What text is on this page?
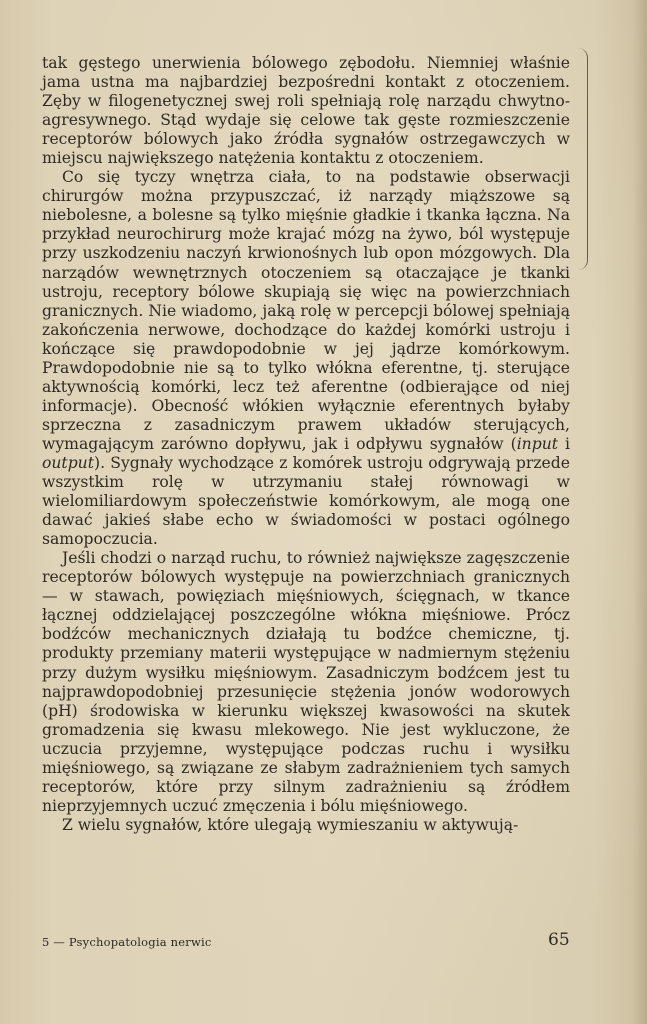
tak gęstego unerwienia bólowego zębodołu. Niemniej właśnie jama ustna ma najbardziej bezpośredni kontakt z otoczeniem. Zęby w filogenetycznej swej roli spełniają rolę narządu chwytno-agresywnego. Stąd wydaje się celowe tak gęste rozmieszczenie receptorów bólowych jako źródła sygnałów ostrzegawczych w miejscu największego natężenia kontaktu z otoczeniem.

Co się tyczy wnętrza ciała, to na podstawie obserwacji chirurgów można przypuszczać, iż narządy miąższowe są niebolesne, a bolesne są tylko mięśnie gładkie i tkanka łączna. Na przykład neurochirurg może krajać mózg na żywo, ból występuje przy uszkodzeniu naczyń krwionośnych lub opon mózgowych. Dla narządów wewnętrznych otoczeniem są otaczające je tkanki ustroju, receptory bólowe skupiają się więc na powierzchniach granicznych. Nie wiadomo, jaką rolę w percepcji bólowej spełniają zakończenia nerwowe, dochodzące do każdej komórki ustroju i kończące się prawdopodobnie w jej jądrze komórkowym. Prawdopodobnie nie są to tylko włókna eferentne, tj. sterujące aktywnością komórki, lecz też aferentne (odbierające od niej informacje). Obecność włókien wyłącznie eferentnych byłaby sprzeczna z zasadniczym prawem układów sterujących, wymagającym zarówno dopływu, jak i odpływu sygnałów (input i output). Sygnały wychodzące z komórek ustroju odgrywają przede wszystkim rolę w utrzymaniu stałej równowagi w wielomiliardowym społeczeństwie komórkowym, ale mogą one dawać jakieś słabe echo w świadomości w postaci ogólnego samopoczucia.

Jeśli chodzi o narząd ruchu, to również największe zagęszczenie receptorów bólowych występuje na powierzchniach granicznych — w stawach, powięziach mięśniowych, ścięgnach, w tkance łącznej oddzielającej poszczególne włókna mięśniowe. Prócz bodźców mechanicznych działają tu bodźce chemiczne, tj. produkty przemiany materii występujące w nadmiernym stężeniu przy dużym wysiłku mięśniowym. Zasadniczym bodźcem jest tu najprawdopodobniej przesunięcie stężenia jonów wodorowych (pH) środowiska w kierunku większej kwasowości na skutek gromadzenia się kwasu mlekowego. Nie jest wykluczone, że uczucia przyjemne, występujące podczas ruchu i wysiłku mięśniowego, są związane ze słabym zadrażnieniem tych samych receptorów, które przy silnym zadrażnieniu są źródłem nieprzyjemnych uczuć zmęczenia i bólu mięśniowego.

Z wielu sygnałów, które ulegają wymieszaniu w aktywują-

5 — Psychopatologia nerwic	65
